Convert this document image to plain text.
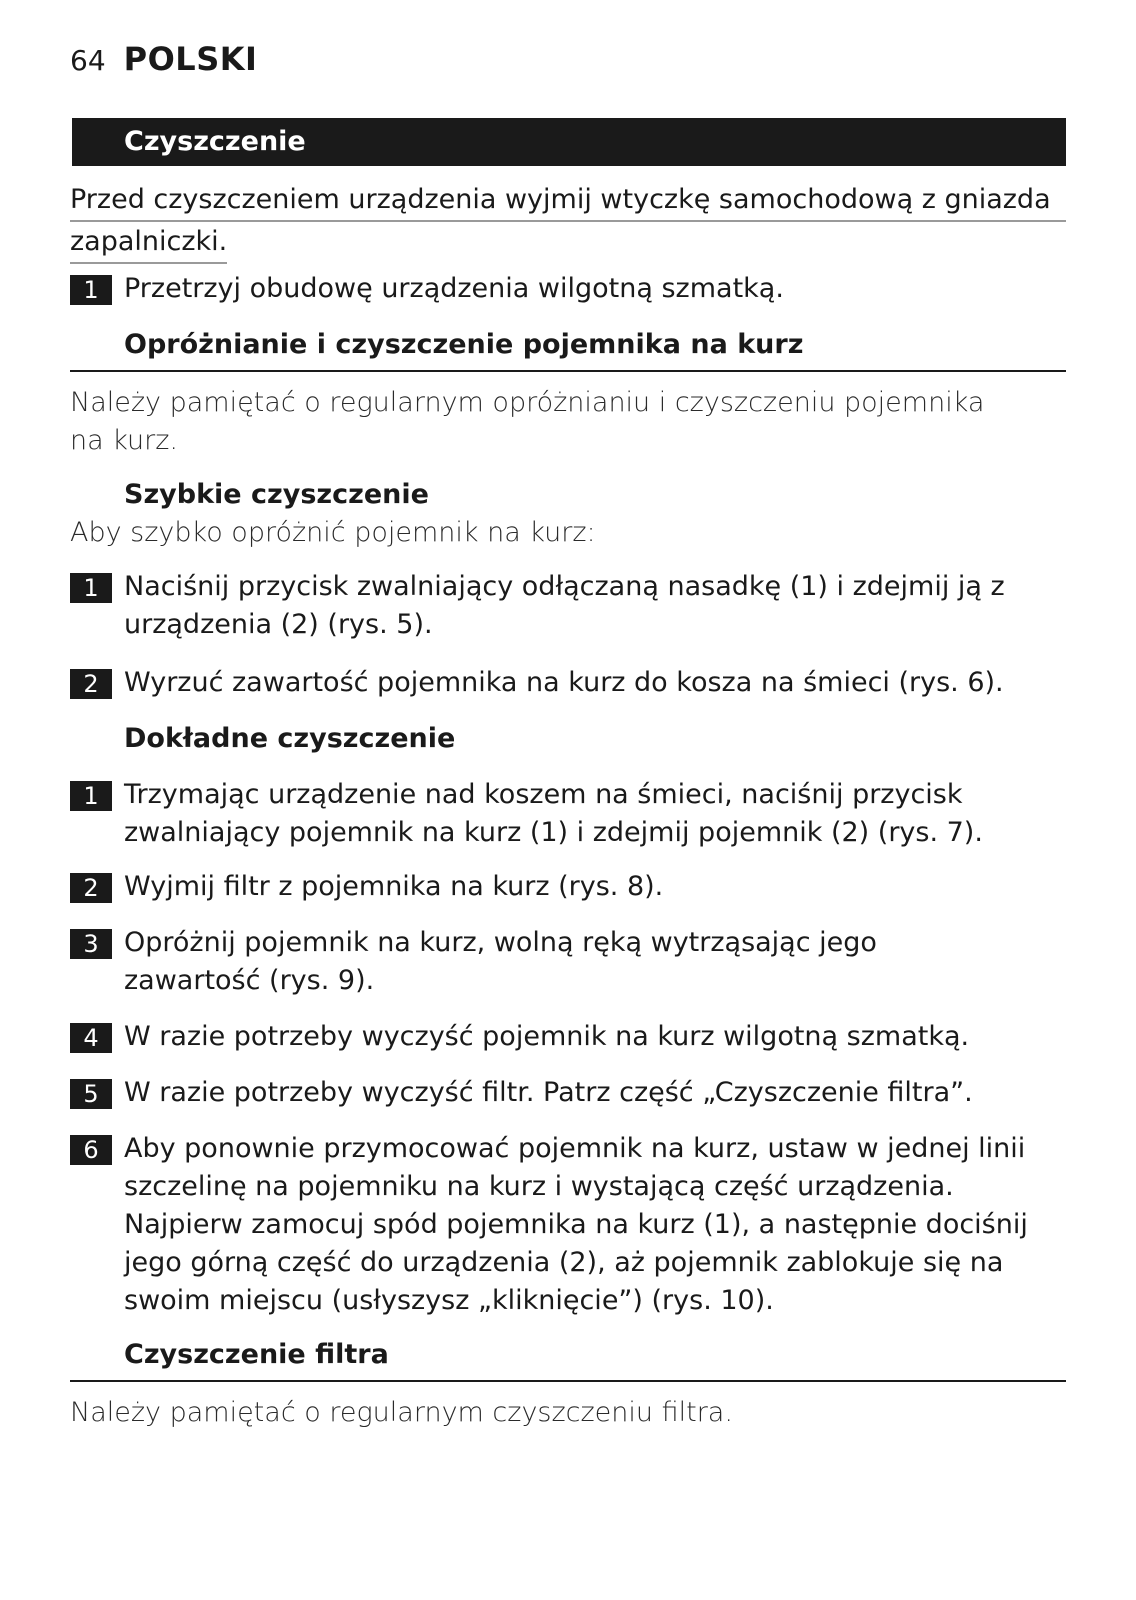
64 POLSKI
Czyszczenie
Przed czyszczeniem urządzenia wyjmij wtyczkę samochodową z gniazda
zapalniczki.
1 Przetrzyj obudowę urządzenia wilgotną szmatką.
Opróżnianie i czyszczenie pojemnika na kurz
Należy pamiętać o regularnym opróżnianiu i czyszczeniu pojemnika na kurz.
Szybkie czyszczenie
Aby szybko opróżnić pojemnik na kurz:
1 Naciśnij przycisk zwalniający odłączaną nasadkę (1) i zdejmij ją z urządzenia (2) (rys. 5).
2 Wyrzuć zawartość pojemnika na kurz do kosza na śmieci (rys. 6).
Dokładne czyszczenie
1 Trzymając urządzenie nad koszem na śmieci, naciśnij przycisk zwalniający pojemnik na kurz (1) i zdejmij pojemnik (2) (rys. 7).
2 Wyjmij filtr z pojemnika na kurz (rys. 8).
3 Opróżnij pojemnik na kurz, wolną ręką wytrząsając jego zawartość (rys. 9).
4 W razie potrzeby wyczyść pojemnik na kurz wilgotną szmatką.
5 W razie potrzeby wyczyść filtr. Patrz część „Czyszczenie filtra”.
6 Aby ponownie przymocować pojemnik na kurz, ustaw w jednej linii szczelinę na pojemniku na kurz i wystającą część urządzenia. Najpierw zamocuj spód pojemnika na kurz (1), a następnie dociśnij jego górną część do urządzenia (2), aż pojemnik zablokuje się na swoim miejscu (usłyszysz „kliknięcie”) (rys. 10).
Czyszczenie filtra
Należy pamiętać o regularnym czyszczeniu filtra.
